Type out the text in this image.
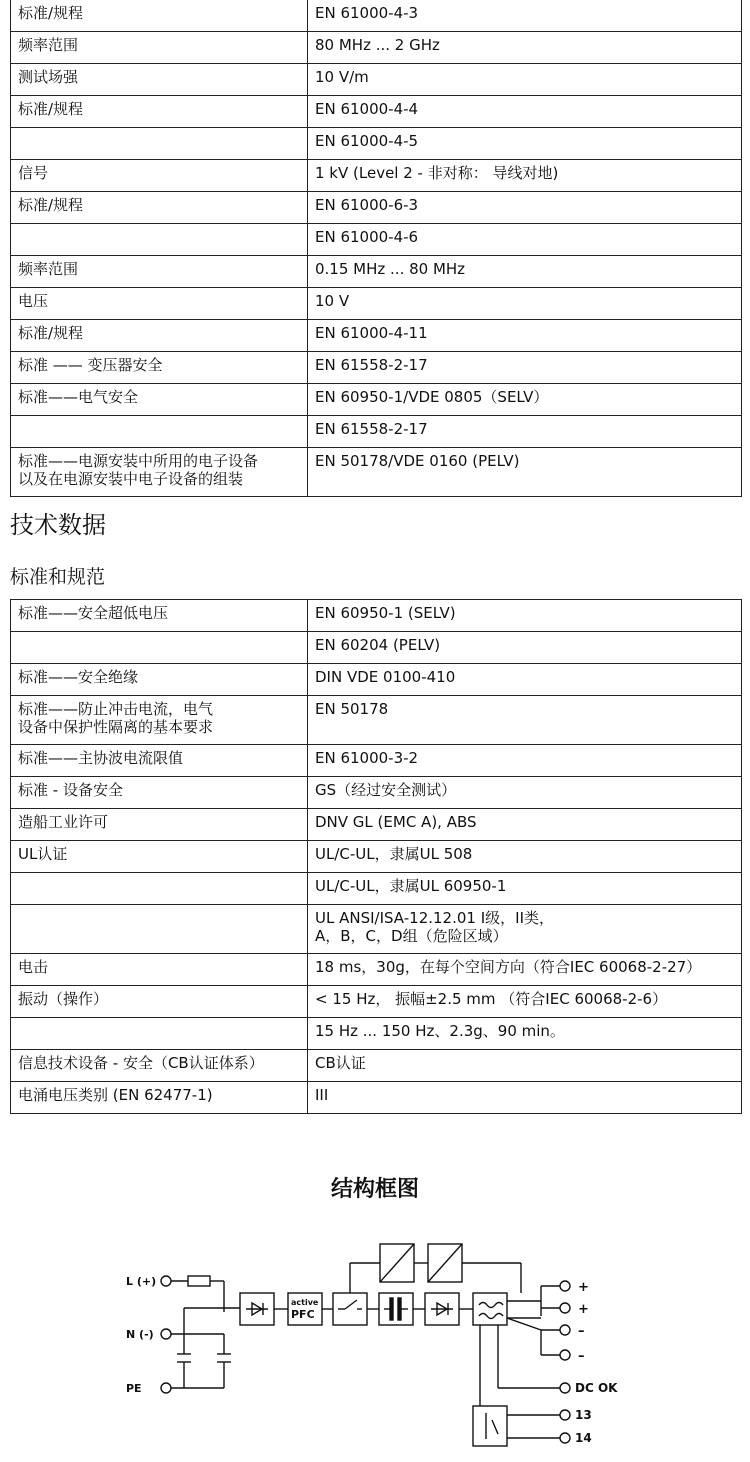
标准/规程	EN 61000-4-3
频率范围	80 MHz ... 2 GHz
测试场强	10 V/m
标准/规程	EN 61000-4-4
	EN 61000-4-5
信号	1 kV (Level 2 - 非对称： 导线对地)
标准/规程	EN 61000-6-3
	EN 61000-4-6
频率范围	0.15 MHz ... 80 MHz
电压	10 V
标准/规程	EN 61000-4-11
标准 —— 变压器安全	EN 61558-2-17
标准——电气安全	EN 60950-1/VDE 0805（SELV）
	EN 61558-2-17
标准——电源安装中所用的电子设备
以及在电源安装中电子设备的组装	EN 50178/VDE 0160 (PELV)
技术数据
标准和规范
标准——安全超低电压	EN 60950-1 (SELV)
	EN 60204 (PELV)
标准——安全绝缘	DIN VDE 0100-410
标准——防止冲击电流，电气
设备中保护性隔离的基本要求	EN 50178
标准——主协波电流限值	EN 61000-3-2
标准 - 设备安全	GS（经过安全测试）
造船工业许可	DNV GL (EMC A), ABS
UL认证	UL/C-UL，隶属UL 508
	UL/C-UL，隶属UL 60950-1
	UL ANSI/ISA-12.12.01 I级，II类，
A，B，C，D组（危险区域）
电击	18 ms，30g，在每个空间方向（符合IEC 60068-2-27）
振动（操作）	< 15 Hz， 振幅±2.5 mm （符合IEC 60068-2-6）
	15 Hz ... 150 Hz、2.3g、90 min。
信息技术设备 - 安全（CB认证体系）	CB认证
电涌电压类别 (EN 62477-1)	III
结构框图
L (+)
N (-)
PE
active
PFC
+
+
–
–
DC OK
13
14
